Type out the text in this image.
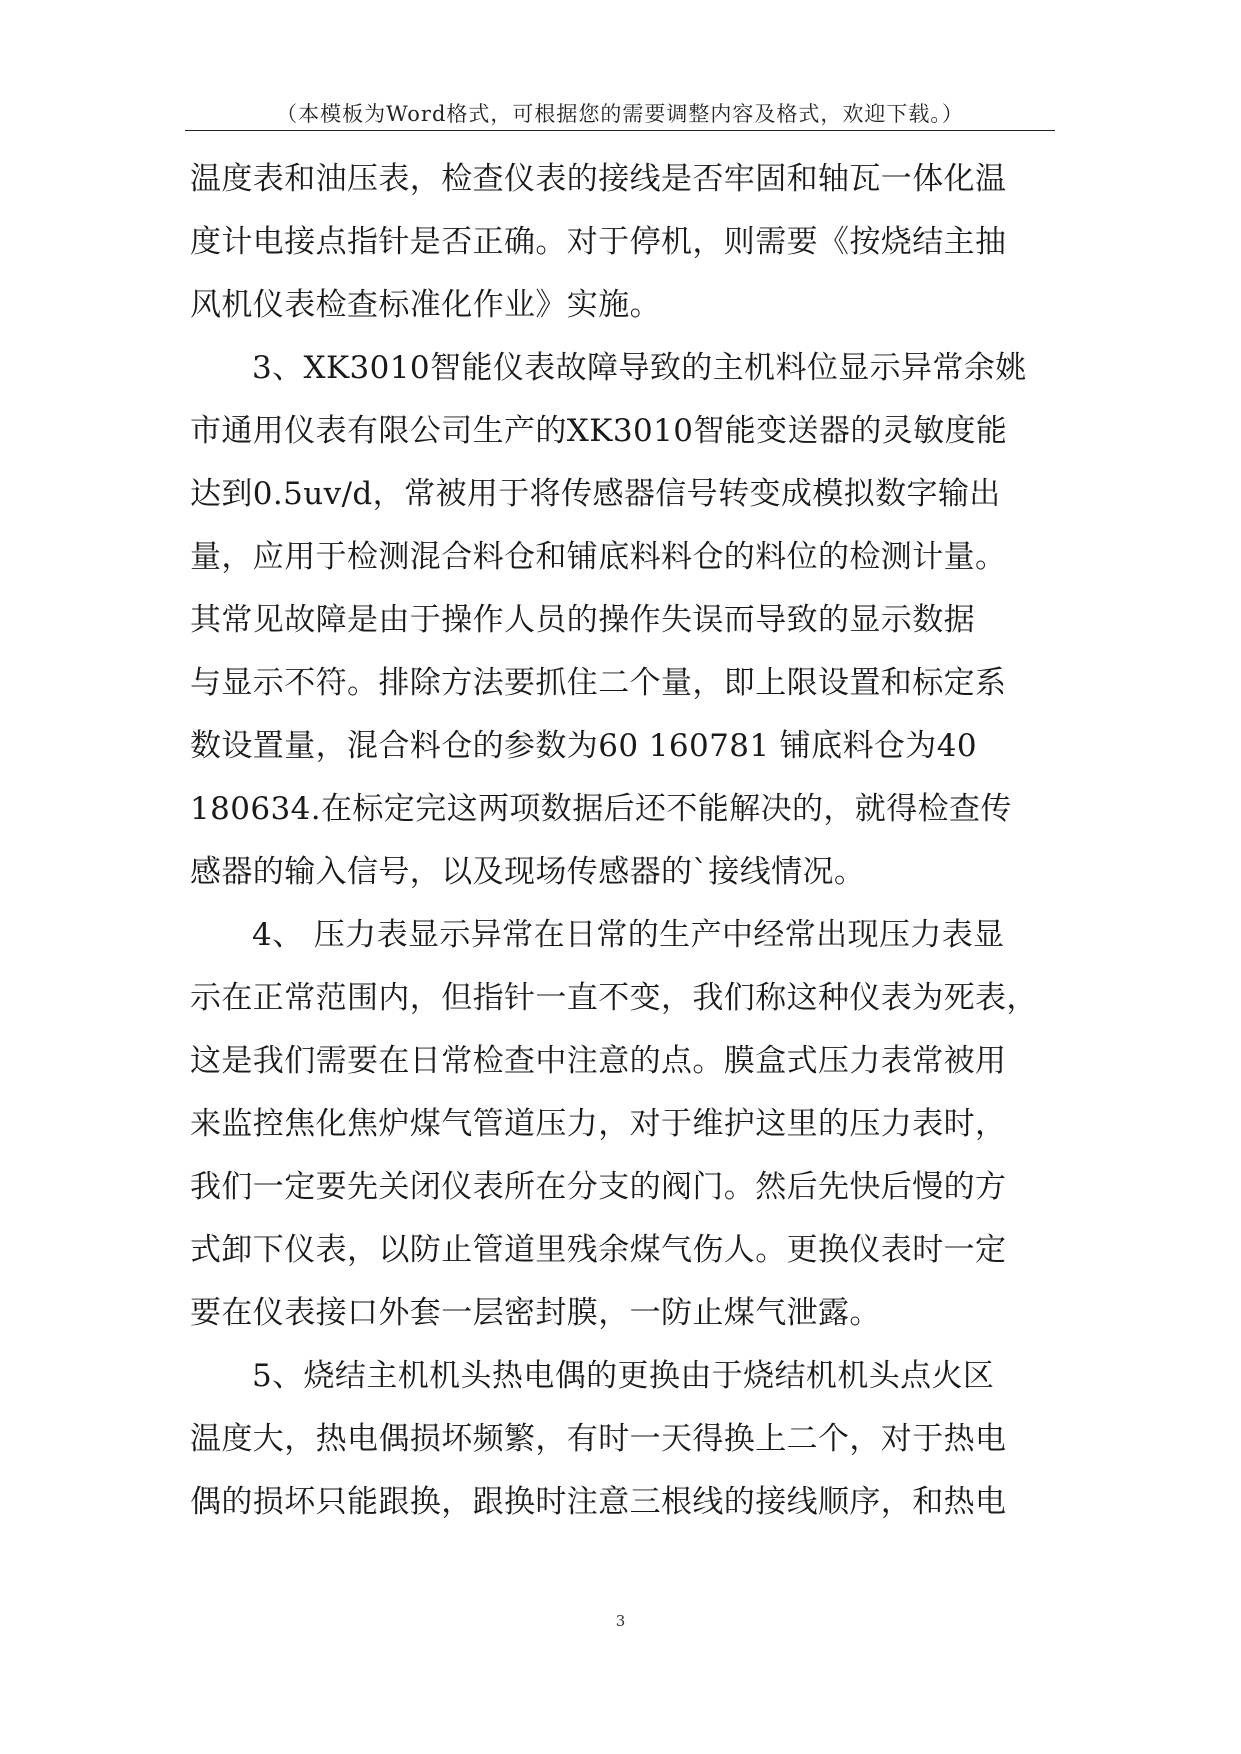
（本模板为Word格式，可根据您的需要调整内容及格式，欢迎下载。）
温度表和油压表，检查仪表的接线是否牢固和轴瓦一体化温
度计电接点指针是否正确。对于停机，则需要《按烧结主抽
风机仪表检查标准化作业》实施。
3、XK3010智能仪表故障导致的主机料位显示异常余姚
市通用仪表有限公司生产的XK3010智能变送器的灵敏度能
达到0.5uv/d，常被用于将传感器信号转变成模拟数字输出
量，应用于检测混合料仓和铺底料料仓的料位的检测计量。
其常见故障是由于操作人员的操作失误而导致的显示数据
与显示不符。排除方法要抓住二个量，即上限设置和标定系
数设置量，混合料仓的参数为60 160781 铺底料仓为40
180634.在标定完这两项数据后还不能解决的，就得检查传
感器的输入信号，以及现场传感器的`接线情况。
4、 压力表显示异常在日常的生产中经常出现压力表显
示在正常范围内，但指针一直不变，我们称这种仪表为死表，
这是我们需要在日常检查中注意的点。膜盒式压力表常被用
来监控焦化焦炉煤气管道压力，对于维护这里的压力表时，
我们一定要先关闭仪表所在分支的阀门。然后先快后慢的方
式卸下仪表，以防止管道里残余煤气伤人。更换仪表时一定
要在仪表接口外套一层密封膜，一防止煤气泄露。
5、烧结主机机头热电偶的更换由于烧结机机头点火区
温度大，热电偶损坏频繁，有时一天得换上二个，对于热电
偶的损坏只能跟换，跟换时注意三根线的接线顺序，和热电
3
